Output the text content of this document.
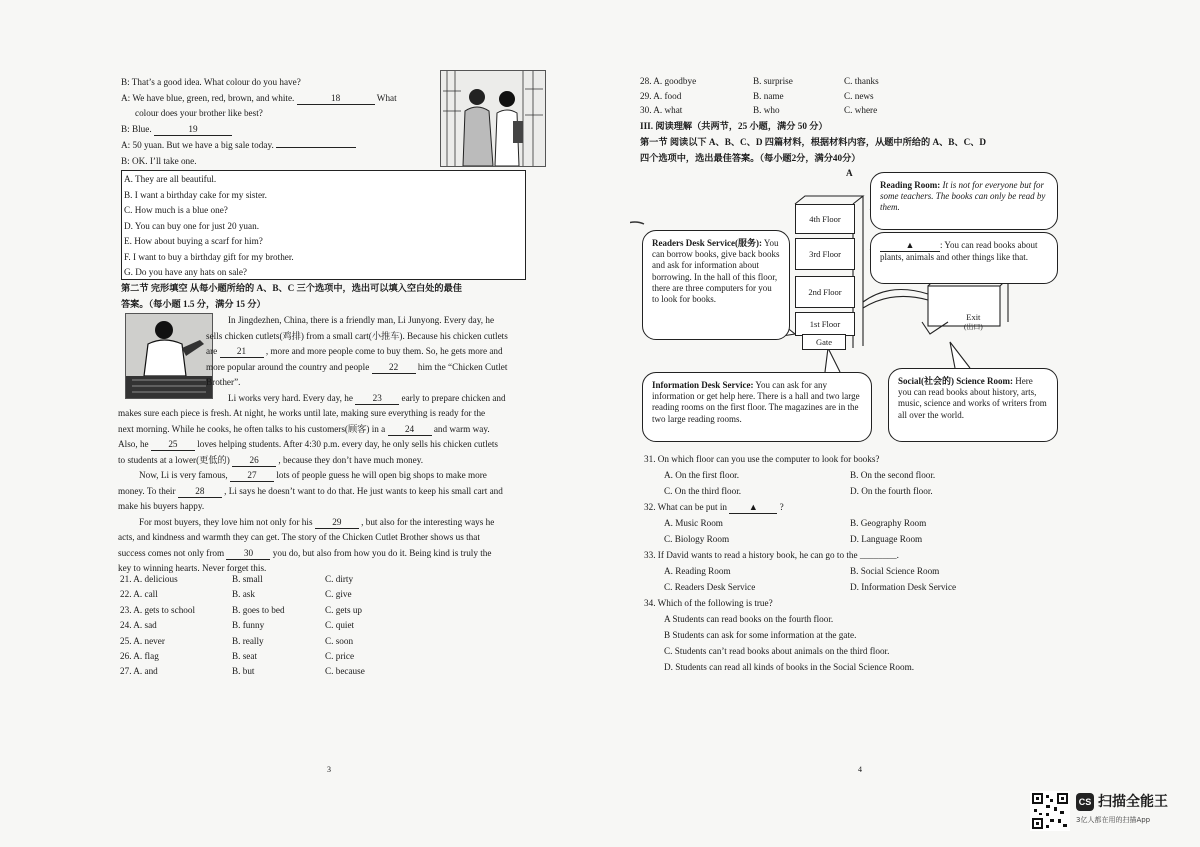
B: That’s a good idea. What colour do you have?
A: We have blue, green, red, brown, and white.	18	What
colour does your brother like best?
B: Blue.	19
A: 50 yuan. But we have a big sale today.
B: OK. I’ll take one.
A. They are all beautiful.
B. I want a birthday cake for my sister.
C. How much is a blue one?
D. You can buy one for just 20 yuan.
E. How about buying a scarf for him?
F. I want to buy a birthday gift for my brother.
G. Do you have any hats on sale?
第二节 完形填空 从每小题所给的 A、B、C 三个选项中，选出可以填入空白处的最佳
答案。（每小题 1.5 分，满分 15 分）
In Jingdezhen, China, there is a friendly man, Li Junyong. Every day, he
sells chicken cutlets(鸡排) from a small cart(小推车). Because his chicken cutlets
are 21 , more and more people come to buy them. So, he gets more and
more popular around the country and people 22 him the “Chicken Cutlet
Brother”.
Li works very hard. Every day, he 23 early to prepare chicken and
makes sure each piece is fresh. At night, he works until late, making sure everything is ready for the
next morning. While he cooks, he often talks to his customers(顾客) in a 24 and warm way.
Also, he 25 loves helping students. After 4:30 p.m. every day, he only sells his chicken cutlets
to students at a lower(更低的) 26 , because they don’t have much money.
Now, Li is very famous, 27 lots of people guess he will open big shops to make more
money. To their 28 , Li says he doesn’t want to do that. He just wants to keep his small cart and
make his buyers happy.
For most buyers, they love him not only for his 29 , but also for the interesting ways he
acts, and kindness and warmth they can get. The story of the Chicken Cutlet Brother shows us that
success comes not only from 30 you do, but also from how you do it. Being kind is truly the
key to winning hearts. Never forget this.
21. A. delicious	B. small	C. dirty
22. A. call	B. ask	C. give
23. A. gets to school	B. goes to bed	C. gets up
24. A. sad	B. funny	C. quiet
25. A. never	B. really	C. soon
26. A. flag	B. seat	C. price
27. A. and	B. but	C. because
3
28. A. goodbye	B. surprise	C. thanks
29. A. food	B. name	C. news
30. A. what	B. who	C. where
III. 阅读理解（共两节，25 小题，满分 50 分）
第一节 阅读以下 A、B、C、D 四篇材料，根据材料内容，从题中所给的 A、B、C、D
四个选项中，选出最佳答案。（每小题2分，满分40分）
A
4th Floor
3rd Floor
2nd Floor
1st Floor
Gate
Exit
(出口)
Reading Room: It is not for everyone but for some teachers. The books can only be read by them.
▲	: You can read books about plants, animals and other things like that.
Readers Desk Service(服务): You can borrow books, give back books and ask for information about borrowing. In the hall of this floor, there are three computers for you to look for books.
Information Desk Service: You can ask for any information or get help here. There is a hall and two large reading rooms on the first floor. The magazines are in the two large reading rooms.
Social(社会的) Science Room: Here you can read books about history, arts, music, science and works of writers from all over the world.
31. On which floor can you use the computer to look for books?
A. On the first floor.	B. On the second floor.
C. On the third floor.	D. On the fourth floor.
32. What can be put in ▲ ?
A. Music Room	B. Geography Room
C. Biology Room	D. Language Room
33. If David wants to read a history book, he can go to the ________.
A. Reading Room	B. Social Science Room
C. Readers Desk Service	D. Information Desk Service
34. Which of the following is true?
A Students can read books on the fourth floor.
B Students can ask for some information at the gate.
C. Students can’t read books about animals on the third floor.
D. Students can read all kinds of books in the Social Science Room.
4
CS 扫描全能王
3亿人都在用的扫描App
